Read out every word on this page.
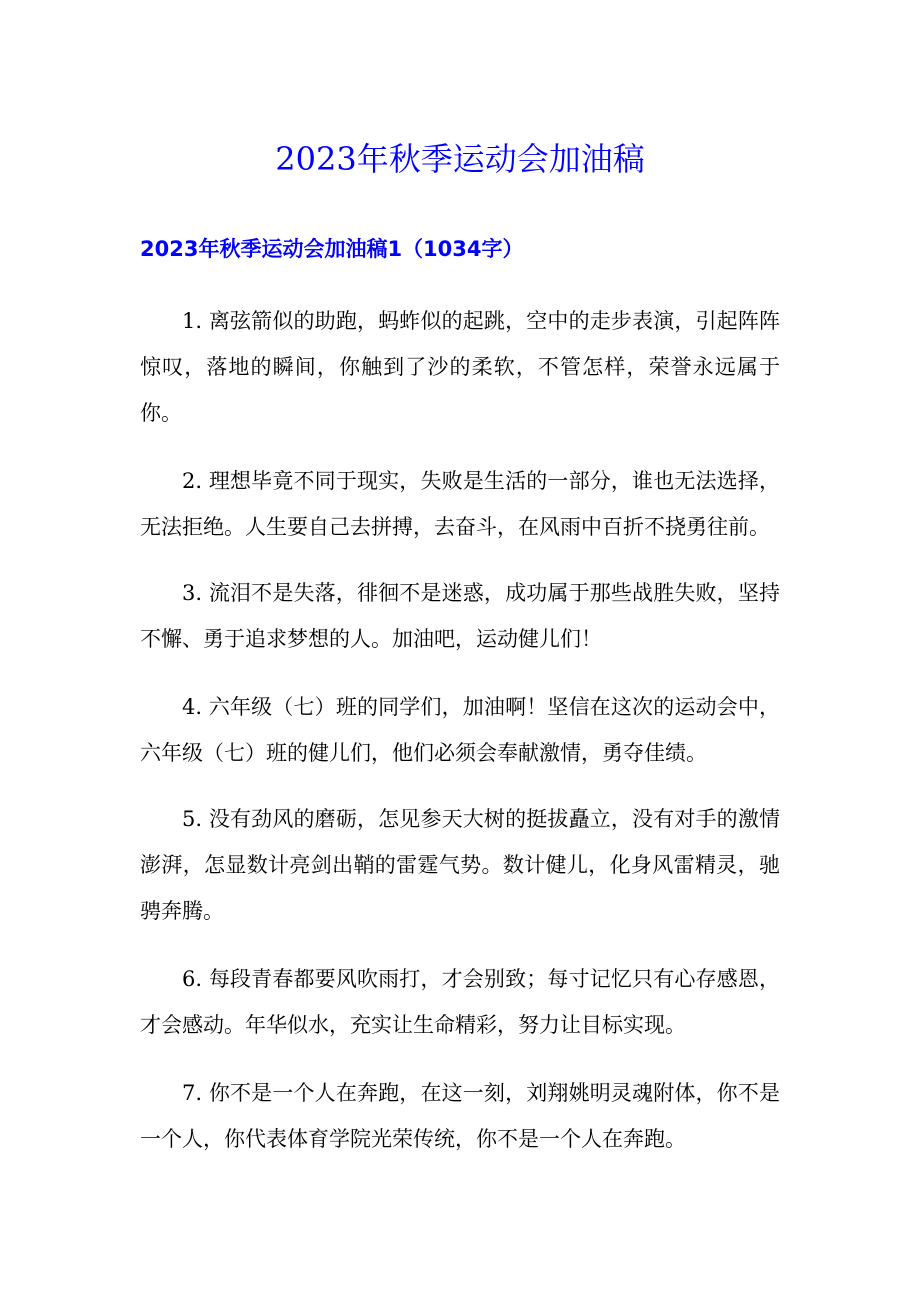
2023年秋季运动会加油稿
2023年秋季运动会加油稿1（1034字）

1. 离弦箭似的助跑，蚂蚱似的起跳，空中的走步表演，引起阵阵惊叹，落地的瞬间，你触到了沙的柔软，不管怎样，荣誉永远属于你。

2. 理想毕竟不同于现实，失败是生活的一部分，谁也无法选择，无法拒绝。人生要自己去拼搏，去奋斗，在风雨中百折不挠勇往前。

3. 流泪不是失落，徘徊不是迷惑，成功属于那些战胜失败，坚持不懈、勇于追求梦想的人。加油吧，运动健儿们！

4. 六年级（七）班的同学们，加油啊！坚信在这次的运动会中，六年级（七）班的健儿们，他们必须会奉献激情，勇夺佳绩。

5. 没有劲风的磨砺，怎见参天大树的挺拔矗立，没有对手的激情澎湃，怎显数计亮剑出鞘的雷霆气势。数计健儿，化身风雷精灵，驰骋奔腾。

6. 每段青春都要风吹雨打，才会别致；每寸记忆只有心存感恩，才会感动。年华似水，充实让生命精彩，努力让目标实现。

7. 你不是一个人在奔跑，在这一刻，刘翔姚明灵魂附体，你不是一个人，你代表体育学院光荣传统，你不是一个人在奔跑。
